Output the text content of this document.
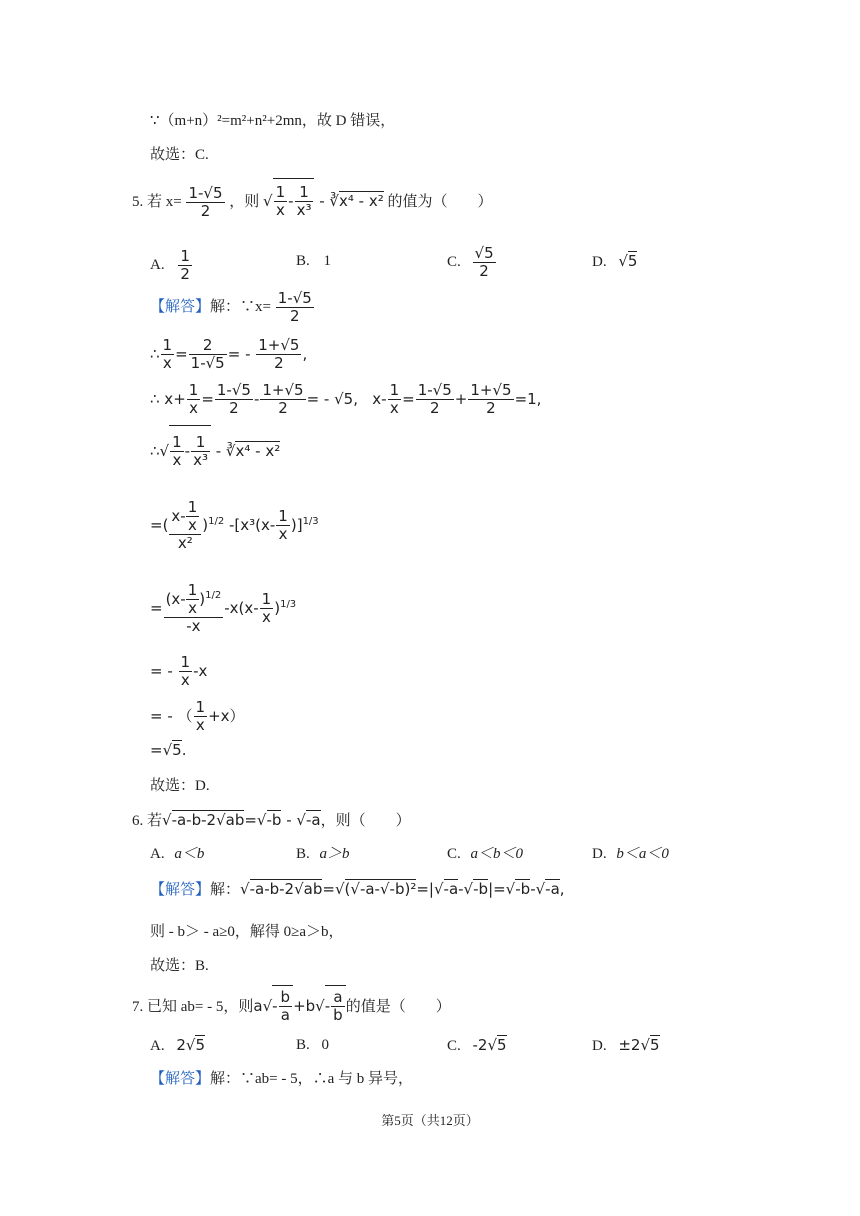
∵（m+n）²=m²+n²+2mn，故 D 错误，
故选：C.
5. 若 $x= \frac{1-√5}{2}$ ，则 √ $\frac{1}{x} - \frac{1}{\text{x³}}$ - ∛x⁴ - x² 的值为（　　）
A. $\frac{1}{2}$	B. 1	C. $\frac{√5}{2}$	D. √5
【解答】解：∵x= $\frac{1-√5}{2}$
∴ $\frac{1}{x} = \frac{2}{1-√5}$ = - $\frac{1+√5}{2}$ ,
∴ $x+ \frac{1}{x} = \frac{1-√5}{2} - \frac{1+√5}{2}$ = - √5,   $x- \frac{1}{x} = \frac{1-√5}{2} + \frac{1+√5}{2} =1$,
∴√ $\frac{1}{x} - \frac{1}{\text{x³}}$ - ∛x⁴ - x²
=( $\frac{x- \frac{1}{x}}{\text{x²}} )^{1/2}$ $-[x^3(x- \frac{1}{x} )]^{1/3}$
= $\frac{(x- \frac{1}{x} )^{1/2}}{-x} -x(x- \frac{1}{x} )^{1/3}$
= - $\frac{1}{x} -x$
= - （ $\frac{1}{x} +x$）
=√5.
故选：D.
6. 若√-a-b-2√ab=√-b - √-a，则（　　）
A. a＜b	B. a＞b	C. a＜b＜0	D. b＜a＜0
【解答】解：√-a-b-2√ab=√(√-a-√-b)²=|√-a-√-b|=√-b-√-a,
则 - b＞ - a≥0，解得 0≥a＞b，
故选：B.
7. 已知 ab= - 5，则$a√- \frac{b}{a} +b√- \frac{a}{b}$ 的值是（　　）
A. 2√5	B. 0	C. -2√5	D. ±2√5
【解答】解：∵ab= - 5，∴a 与 b 异号，
第5页（共12页）
